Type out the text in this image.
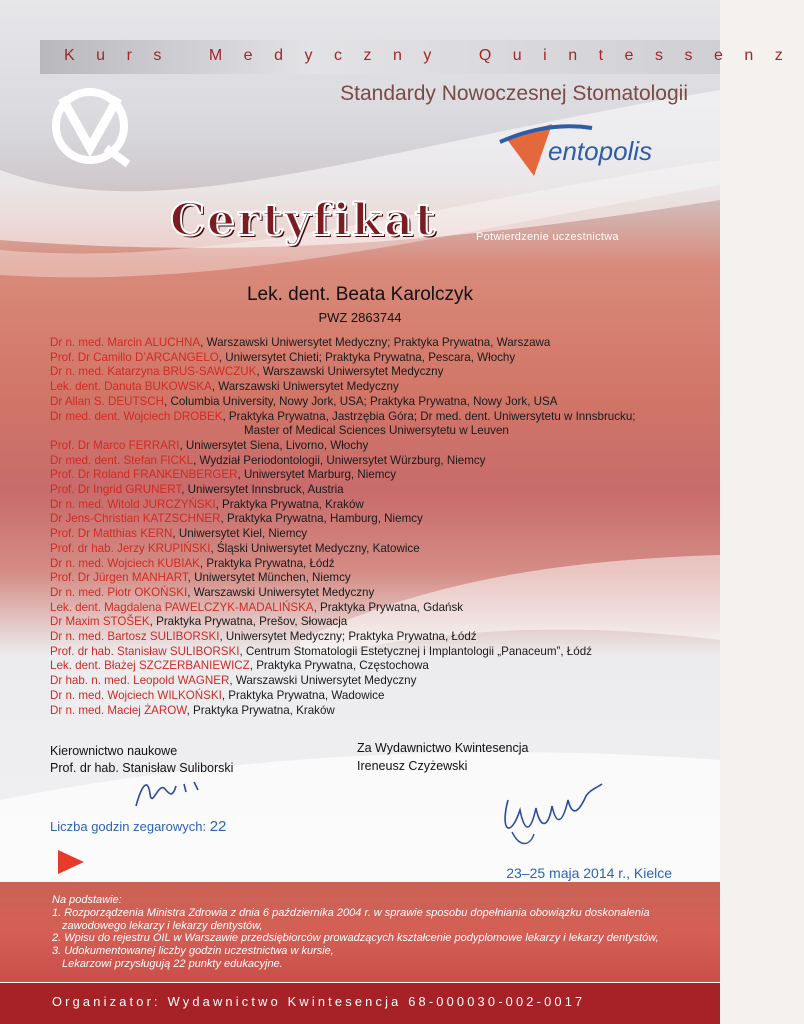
Kurs Medyczny Quintessenz
Standardy Nowoczesnej Stomatologii
entopolis
Certyfikat	Potwierdzenie uczestnictwa
Lek. dent. Beata Karolczyk
PWZ 2863744
Dr n. med. Marcin ALUCHNA, Warszawski Uniwersytet Medyczny; Praktyka Prywatna, Warszawa
Prof. Dr Camillo D’ARCANGELO, Uniwersytet Chieti; Praktyka Prywatna, Pescara, Włochy
Dr n. med. Katarzyna BRUS-SAWCZUK, Warszawski Uniwersytet Medyczny
Lek. dent. Danuta BUKOWSKA, Warszawski Uniwersytet Medyczny
Dr Allan S. DEUTSCH, Columbia University, Nowy Jork, USA; Praktyka Prywatna, Nowy Jork, USA
Dr med. dent. Wojciech DROBEK, Praktyka Prywatna, Jastrzębia Góra; Dr med. dent. Uniwersytetu w Innsbrucku;
Master of Medical Sciences Uniwersytetu w Leuven
Prof. Dr Marco FERRARI, Uniwersytet Siena, Livorno, Włochy
Dr med. dent. Stefan FICKL, Wydział Periodontologii, Uniwersytet Würzburg, Niemcy
Prof. Dr Roland FRANKENBERGER, Uniwersytet Marburg, Niemcy
Prof. Dr Ingrid GRUNERT, Uniwersytet Innsbruck, Austria
Dr n. med. Witold JURCZYŃSKI, Praktyka Prywatna, Kraków
Dr Jens-Christian KATZSCHNER, Praktyka Prywatna, Hamburg, Niemcy
Prof. Dr Matthias KERN, Uniwersytet Kiel, Niemcy
Prof. dr hab. Jerzy KRUPIŃSKI, Śląski Uniwersytet Medyczny, Katowice
Dr n. med. Wojciech KUBIAK, Praktyka Prywatna, Łódź
Prof. Dr Jürgen MANHART, Uniwersytet München, Niemcy
Dr n. med. Piotr OKOŃSKI, Warszawski Uniwersytet Medyczny
Lek. dent. Magdalena PAWELCZYK-MADALIŃSKA, Praktyka Prywatna, Gdańsk
Dr Maxim STOŠEK, Praktyka Prywatna, Prešov, Słowacja
Dr n. med. Bartosz SULIBORSKI, Uniwersytet Medyczny; Praktyka Prywatna, Łódź
Prof. dr hab. Stanisław SULIBORSKI, Centrum Stomatologii Estetycznej i Implantologii „Panaceum”, Łódź
Lek. dent. Błażej SZCZERBANIEWICZ, Praktyka Prywatna, Częstochowa
Dr hab. n. med. Leopold WAGNER, Warszawski Uniwersytet Medyczny
Dr n. med. Wojciech WILKOŃSKI, Praktyka Prywatna, Wadowice
Dr n. med. Maciej ŻAROW, Praktyka Prywatna, Kraków
Kierownictwo naukowe
Prof. dr hab. Stanisław Suliborski
Za Wydawnictwo Kwintesencja
Ireneusz Czyżewski
Liczba godzin zegarowych: 22
23–25 maja 2014 r., Kielce
Na podstawie:
1. Rozporządzenia Ministra Zdrowia z dnia 6 października 2004 r. w sprawie sposobu dopełniania obowiązku doskonalenia
zawodowego lekarzy i lekarzy dentystów,
2. Wpisu do rejestru OIL w Warszawie przedsiębiorców prowadzących kształcenie podyplomowe lekarzy i lekarzy dentystów,
3. Udokumentowanej liczby godzin uczestnictwa w kursie,
Lekarzowi przysługują 22 punkty edukacyjne.
Organizator: Wydawnictwo Kwintesencja 68-000030-002-0017
